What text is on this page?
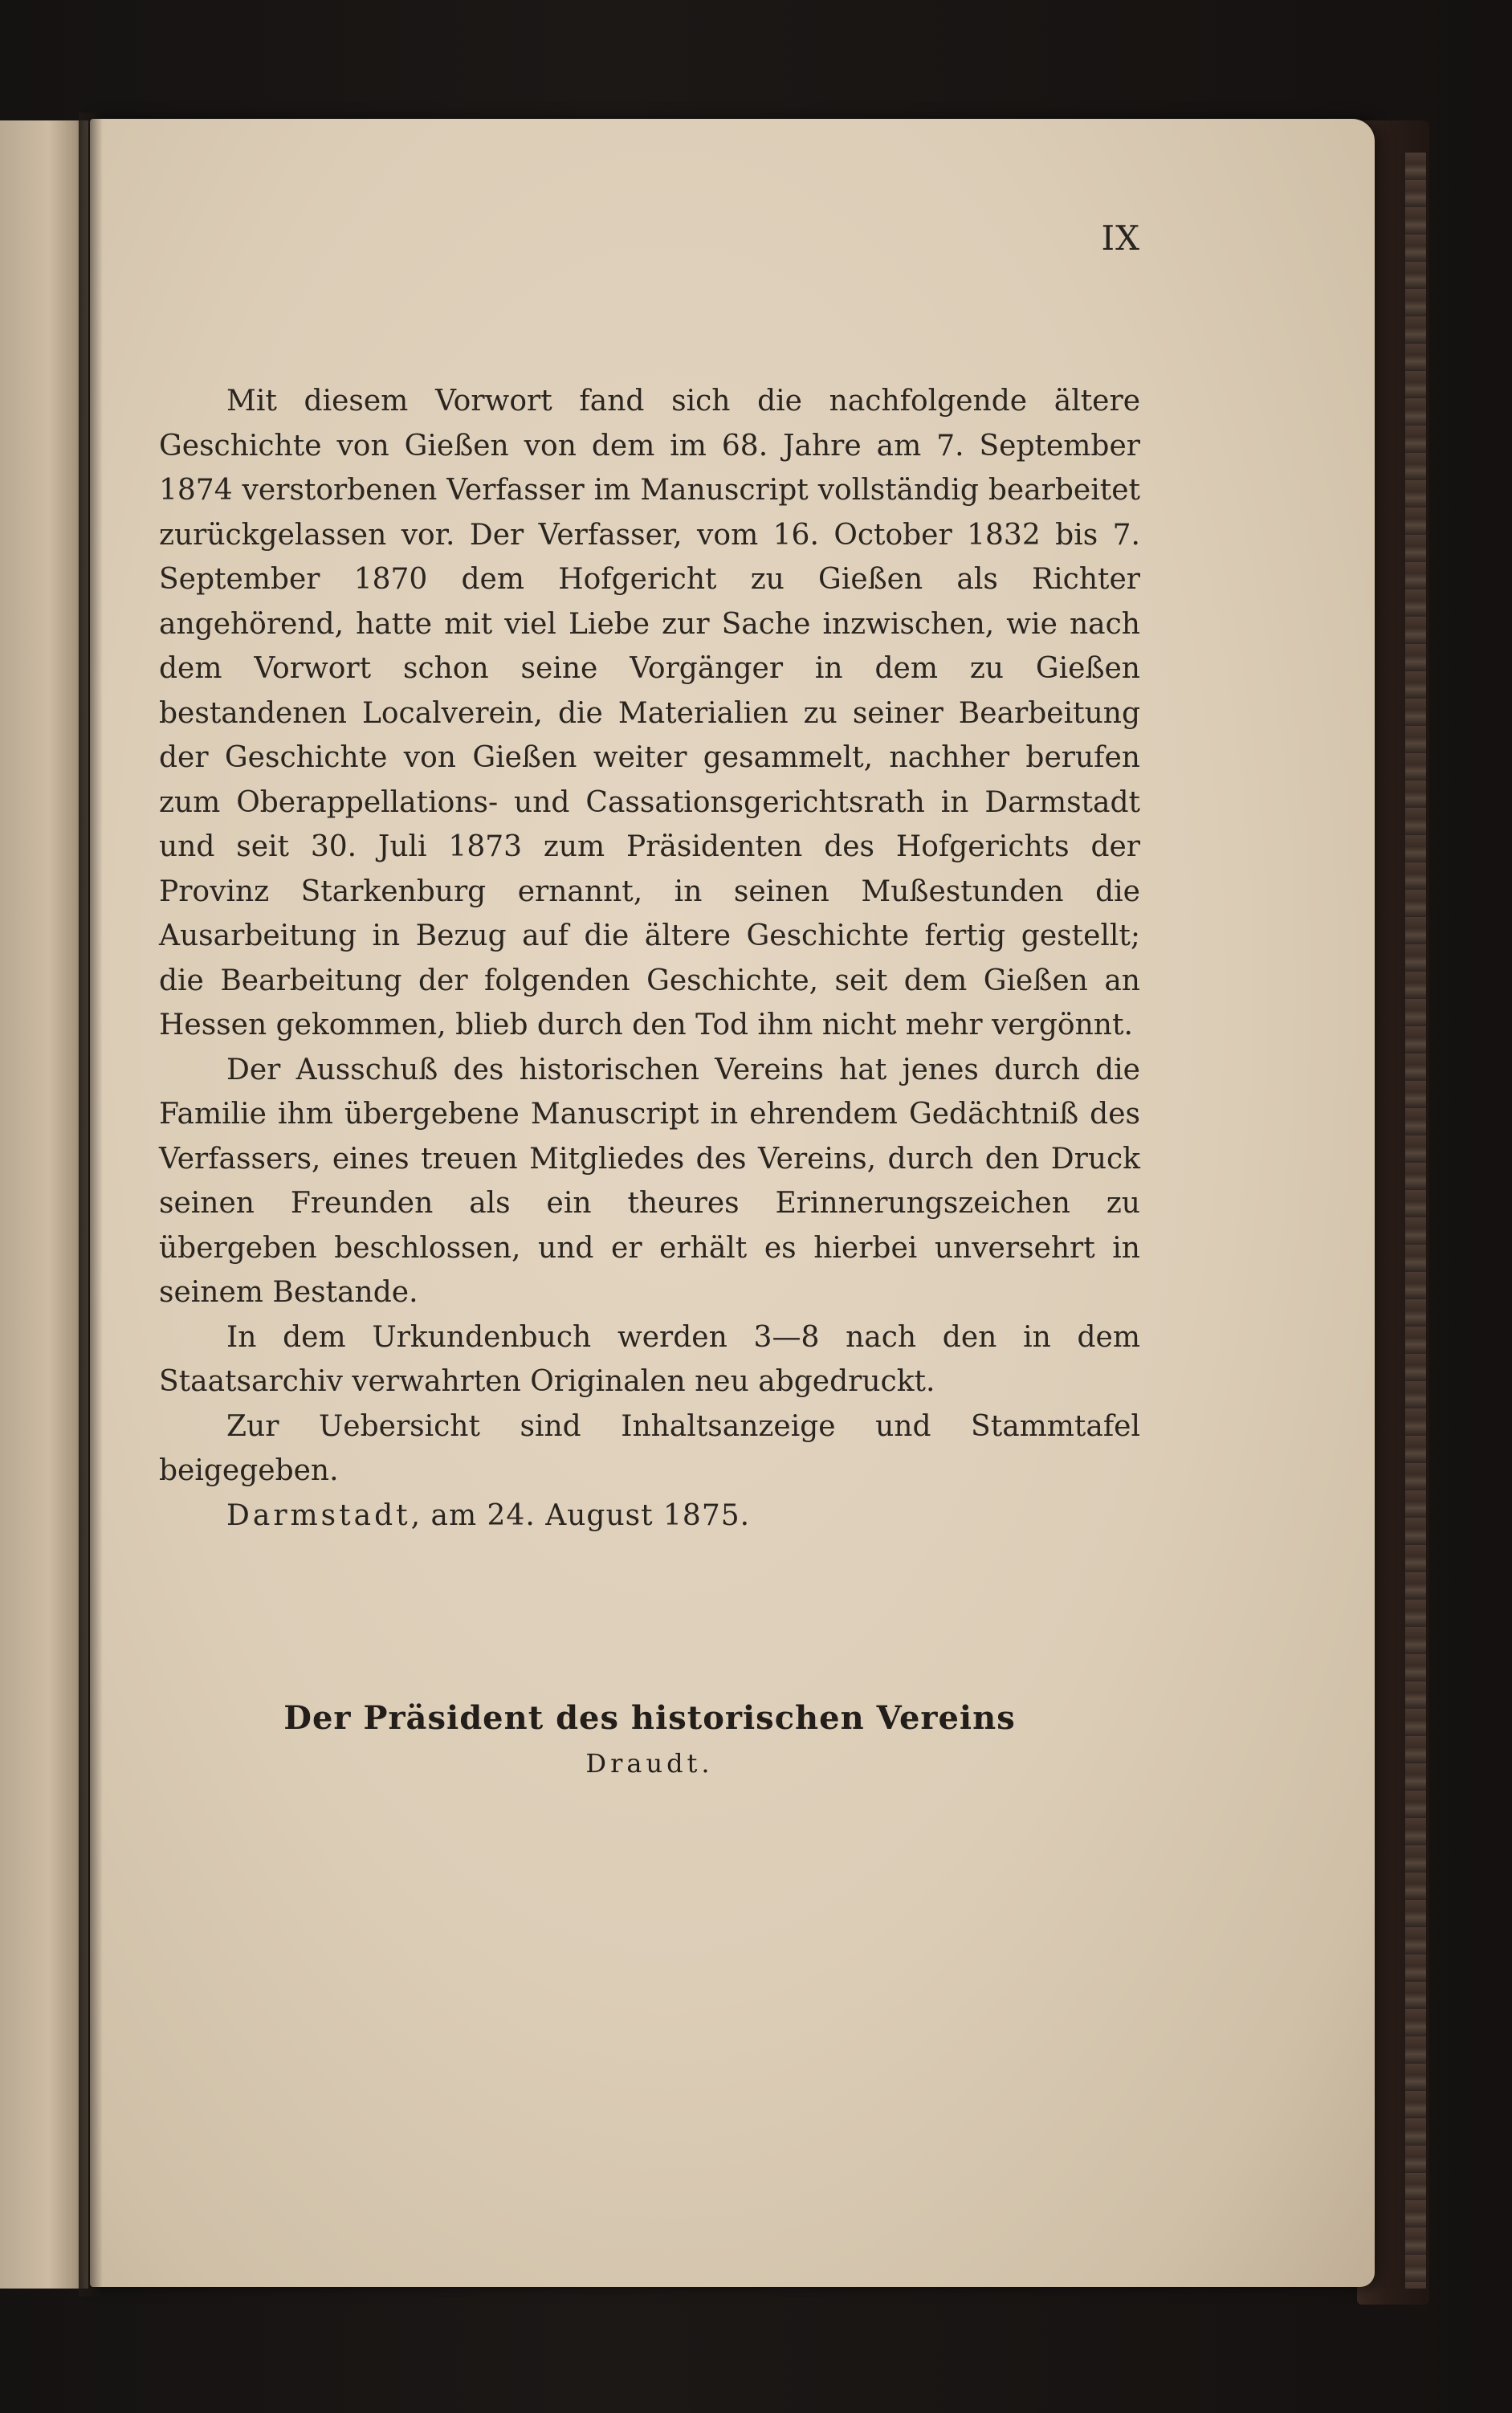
IX

Mit diesem Vorwort fand sich die nachfolgende ältere Geschichte von Gießen von dem im 68. Jahre am 7. September 1874 verstorbenen Verfasser im Manuscript vollständig bearbeitet zurückgelassen vor. Der Verfasser, vom 16. October 1832 bis 7. September 1870 dem Hofgericht zu Gießen als Richter angehörend, hatte mit viel Liebe zur Sache inzwischen, wie nach dem Vorwort schon seine Vorgänger in dem zu Gießen bestandenen Localverein, die Materialien zu seiner Bearbeitung der Geschichte von Gießen weiter gesammelt, nachher berufen zum Oberappellations- und Cassationsgerichtsrath in Darmstadt und seit 30. Juli 1873 zum Präsidenten des Hofgerichts der Provinz Starkenburg ernannt, in seinen Mußestunden die Ausarbeitung in Bezug auf die ältere Geschichte fertig gestellt; die Bearbeitung der folgenden Geschichte, seit dem Gießen an Hessen gekommen, blieb durch den Tod ihm nicht mehr vergönnt.

Der Ausschuß des historischen Vereins hat jenes durch die Familie ihm übergebene Manuscript in ehrendem Gedächtniß des Verfassers, eines treuen Mitgliedes des Vereins, durch den Druck seinen Freunden als ein theures Erinnerungszeichen zu übergeben beschlossen, und er erhält es hierbei unversehrt in seinem Bestande.

In dem Urkundenbuch werden 3—8 nach den in dem Staatsarchiv verwahrten Originalen neu abgedruckt.

Zur Uebersicht sind Inhaltsanzeige und Stammtafel beigegeben.

Darmstadt, am 24. August 1875.

Der Präsident des historischen Vereins
Draudt.
